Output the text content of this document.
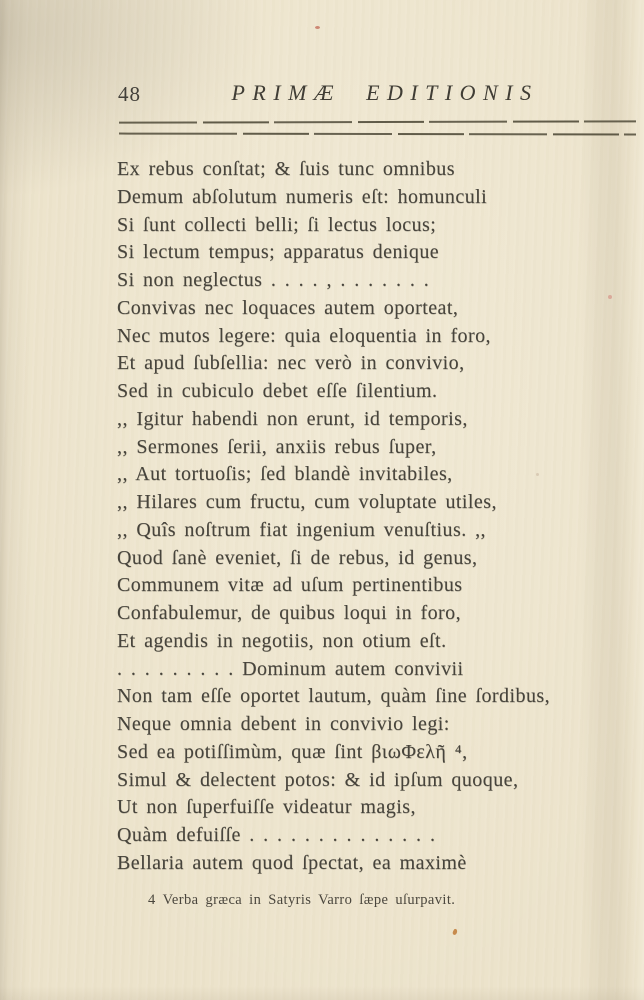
48	PRIMÆ EDITIONIS
Ex rebus conſtat; & ſuis tunc omnibus
Demum abſolutum numeris eſt: homunculi
Si ſunt collecti belli; ſi lectus locus;
Si lectum tempus; apparatus denique
Si non neglectus . . . . , . . . . . . .
Convivas nec loquaces autem oporteat,
Nec mutos legere: quia eloquentia in foro,
Et apud ſubſellia: nec verò in convivio,
Sed in cubiculo debet eſſe ſilentium.
,, Igitur habendi non erunt, id temporis,
,, Sermones ſerii, anxiis rebus ſuper,
,, Aut tortuoſis; ſed blandè invitabiles,
,, Hilares cum fructu, cum voluptate utiles,
,, Quîs noſtrum fiat ingenium venuſtius. ,,
Quod ſanè eveniet, ſi de rebus, id genus,
Communem vitæ ad uſum pertinentibus
Confabulemur, de quibus loqui in foro,
Et agendis in negotiis, non otium eſt.
. . . . . . . . . Dominum autem convivii
Non tam eſſe oportet lautum, quàm ſine ſordibus,
Neque omnia debent in convivio legi:
Sed ea potiſſimùm, quæ ſint βιωΦελῆ ⁴,
Simul & delectent potos: & id ipſum quoque,
Ut non ſuperfuiſſe videatur magis,
Quàm defuiſſe . . . . . . . . . . . . . .
Bellaria autem quod ſpectat, ea maximè
4 Verba græca in Satyris Varro ſæpe uſurpavit.
